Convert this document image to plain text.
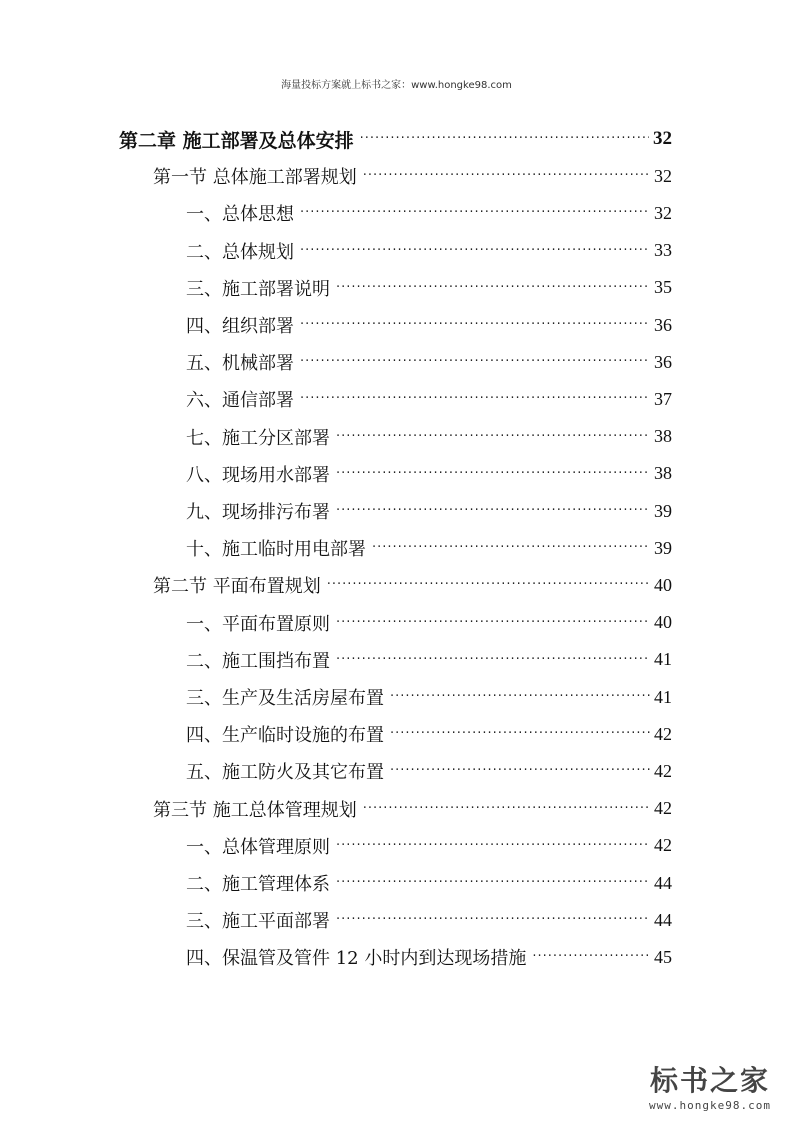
海量投标方案就上标书之家：www.hongke98.com
第二章 施工部署及总体安排 ·····	32
第一节 总体施工部署规划 ·····	32
一、总体思想 ·····	32
二、总体规划 ·····	33
三、施工部署说明 ·····	35
四、组织部署 ·····	36
五、机械部署 ·····	36
六、通信部署 ·····	37
七、施工分区部署 ·····	38
八、现场用水部署 ·····	38
九、现场排污布署 ·····	39
十、施工临时用电部署 ·····	39
第二节 平面布置规划 ·····	40
一、平面布置原则 ·····	40
二、施工围挡布置 ·····	41
三、生产及生活房屋布置 ·····	41
四、生产临时设施的布置 ·····	42
五、施工防火及其它布置 ·····	42
第三节 施工总体管理规划 ·····	42
一、总体管理原则 ·····	42
二、施工管理体系 ·····	44
三、施工平面部署 ·····	44
四、保温管及管件 12 小时内到达现场措施 ·····	45
标书之家
www.hongke98.com
